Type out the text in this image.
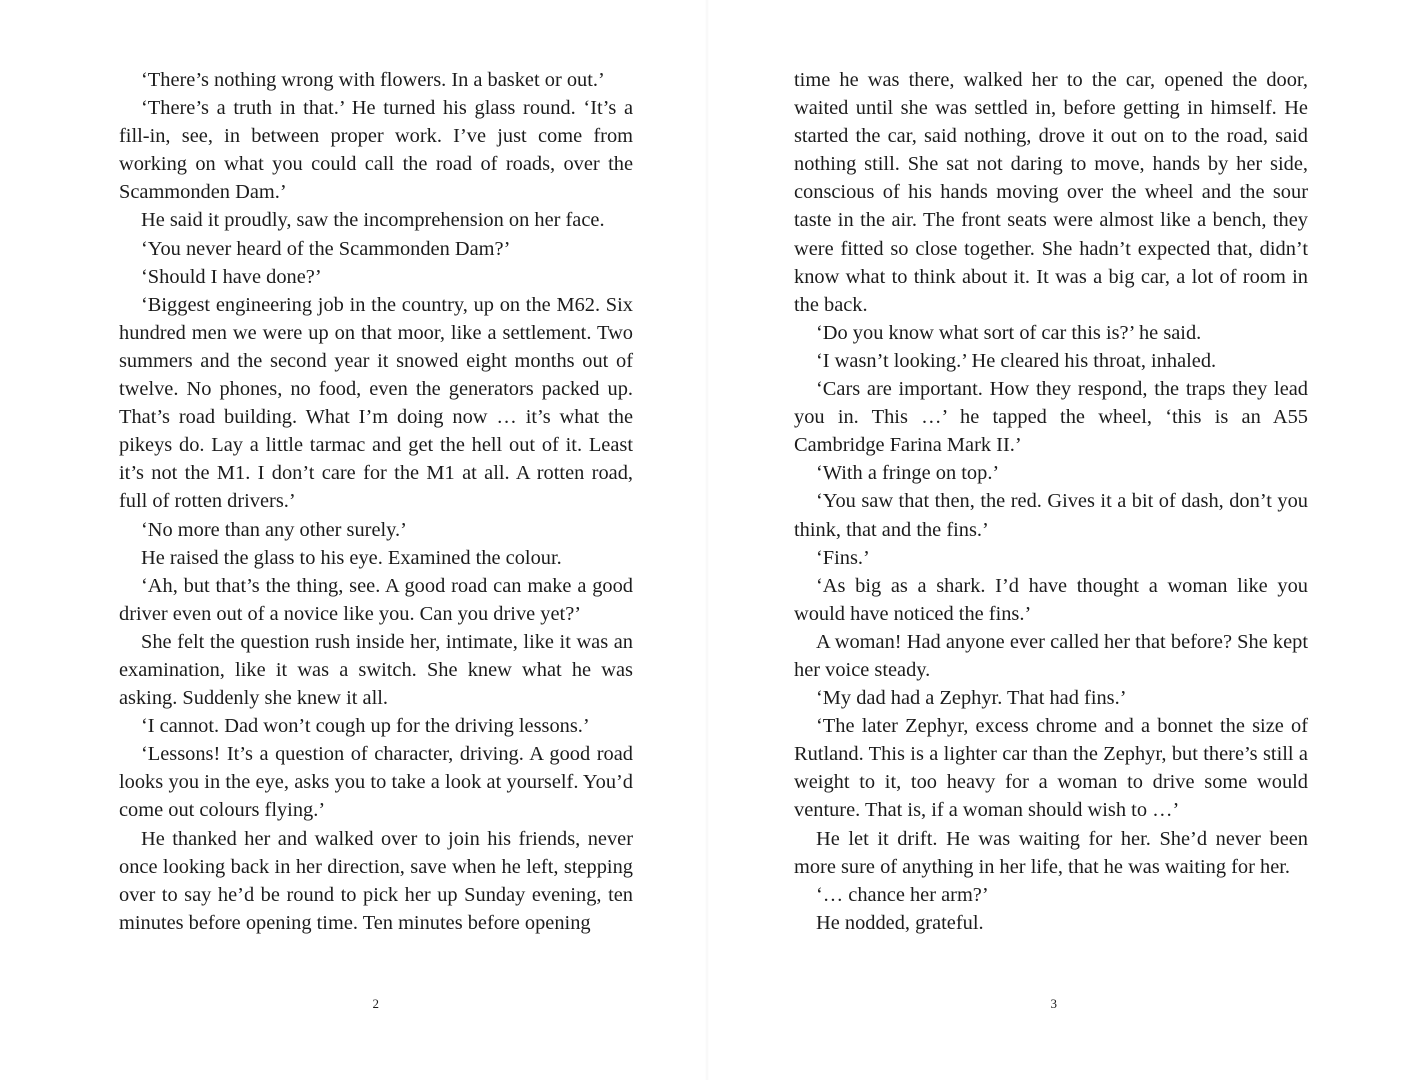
‘There’s nothing wrong with flowers. In a basket or out.’

‘There’s a truth in that.’ He turned his glass round. ‘It’s a fill-in, see, in between proper work. I’ve just come from working on what you could call the road of roads, over the Scammonden Dam.’

He said it proudly, saw the incomprehension on her face.

‘You never heard of the Scammonden Dam?’

‘Should I have done?’

‘Biggest engineering job in the country, up on the M62. Six hundred men we were up on that moor, like a settlement. Two summers and the second year it snowed eight months out of twelve. No phones, no food, even the generators packed up. That’s road building. What I’m doing now … it’s what the pikeys do. Lay a little tarmac and get the hell out of it. Least it’s not the M1. I don’t care for the M1 at all. A rotten road, full of rotten drivers.’

‘No more than any other surely.’

He raised the glass to his eye. Examined the colour.

‘Ah, but that’s the thing, see. A good road can make a good driver even out of a novice like you. Can you drive yet?’

She felt the question rush inside her, intimate, like it was an examination, like it was a switch. She knew what he was asking. Suddenly she knew it all.

‘I cannot. Dad won’t cough up for the driving lessons.’

‘Lessons! It’s a question of character, driving. A good road looks you in the eye, asks you to take a look at yourself. You’d come out colours flying.’

He thanked her and walked over to join his friends, never once looking back in her direction, save when he left, stepping over to say he’d be round to pick her up Sunday evening, ten minutes before opening time. Ten minutes before opening

2

time he was there, walked her to the car, opened the door, waited until she was settled in, before getting in himself. He started the car, said nothing, drove it out on to the road, said nothing still. She sat not daring to move, hands by her side, conscious of his hands moving over the wheel and the sour taste in the air. The front seats were almost like a bench, they were fitted so close together. She hadn’t expected that, didn’t know what to think about it. It was a big car, a lot of room in the back.

‘Do you know what sort of car this is?’ he said.

‘I wasn’t looking.’ He cleared his throat, inhaled.

‘Cars are important. How they respond, the traps they lead you in. This …’ he tapped the wheel, ‘this is an A55 Cambridge Farina Mark II.’

‘With a fringe on top.’

‘You saw that then, the red. Gives it a bit of dash, don’t you think, that and the fins.’

‘Fins.’

‘As big as a shark. I’d have thought a woman like you would have noticed the fins.’

A woman! Had anyone ever called her that before? She kept her voice steady.

‘My dad had a Zephyr. That had fins.’

‘The later Zephyr, excess chrome and a bonnet the size of Rutland. This is a lighter car than the Zephyr, but there’s still a weight to it, too heavy for a woman to drive some would venture. That is, if a woman should wish to …’

He let it drift. He was waiting for her. She’d never been more sure of anything in her life, that he was waiting for her.

‘… chance her arm?’

He nodded, grateful.

3
